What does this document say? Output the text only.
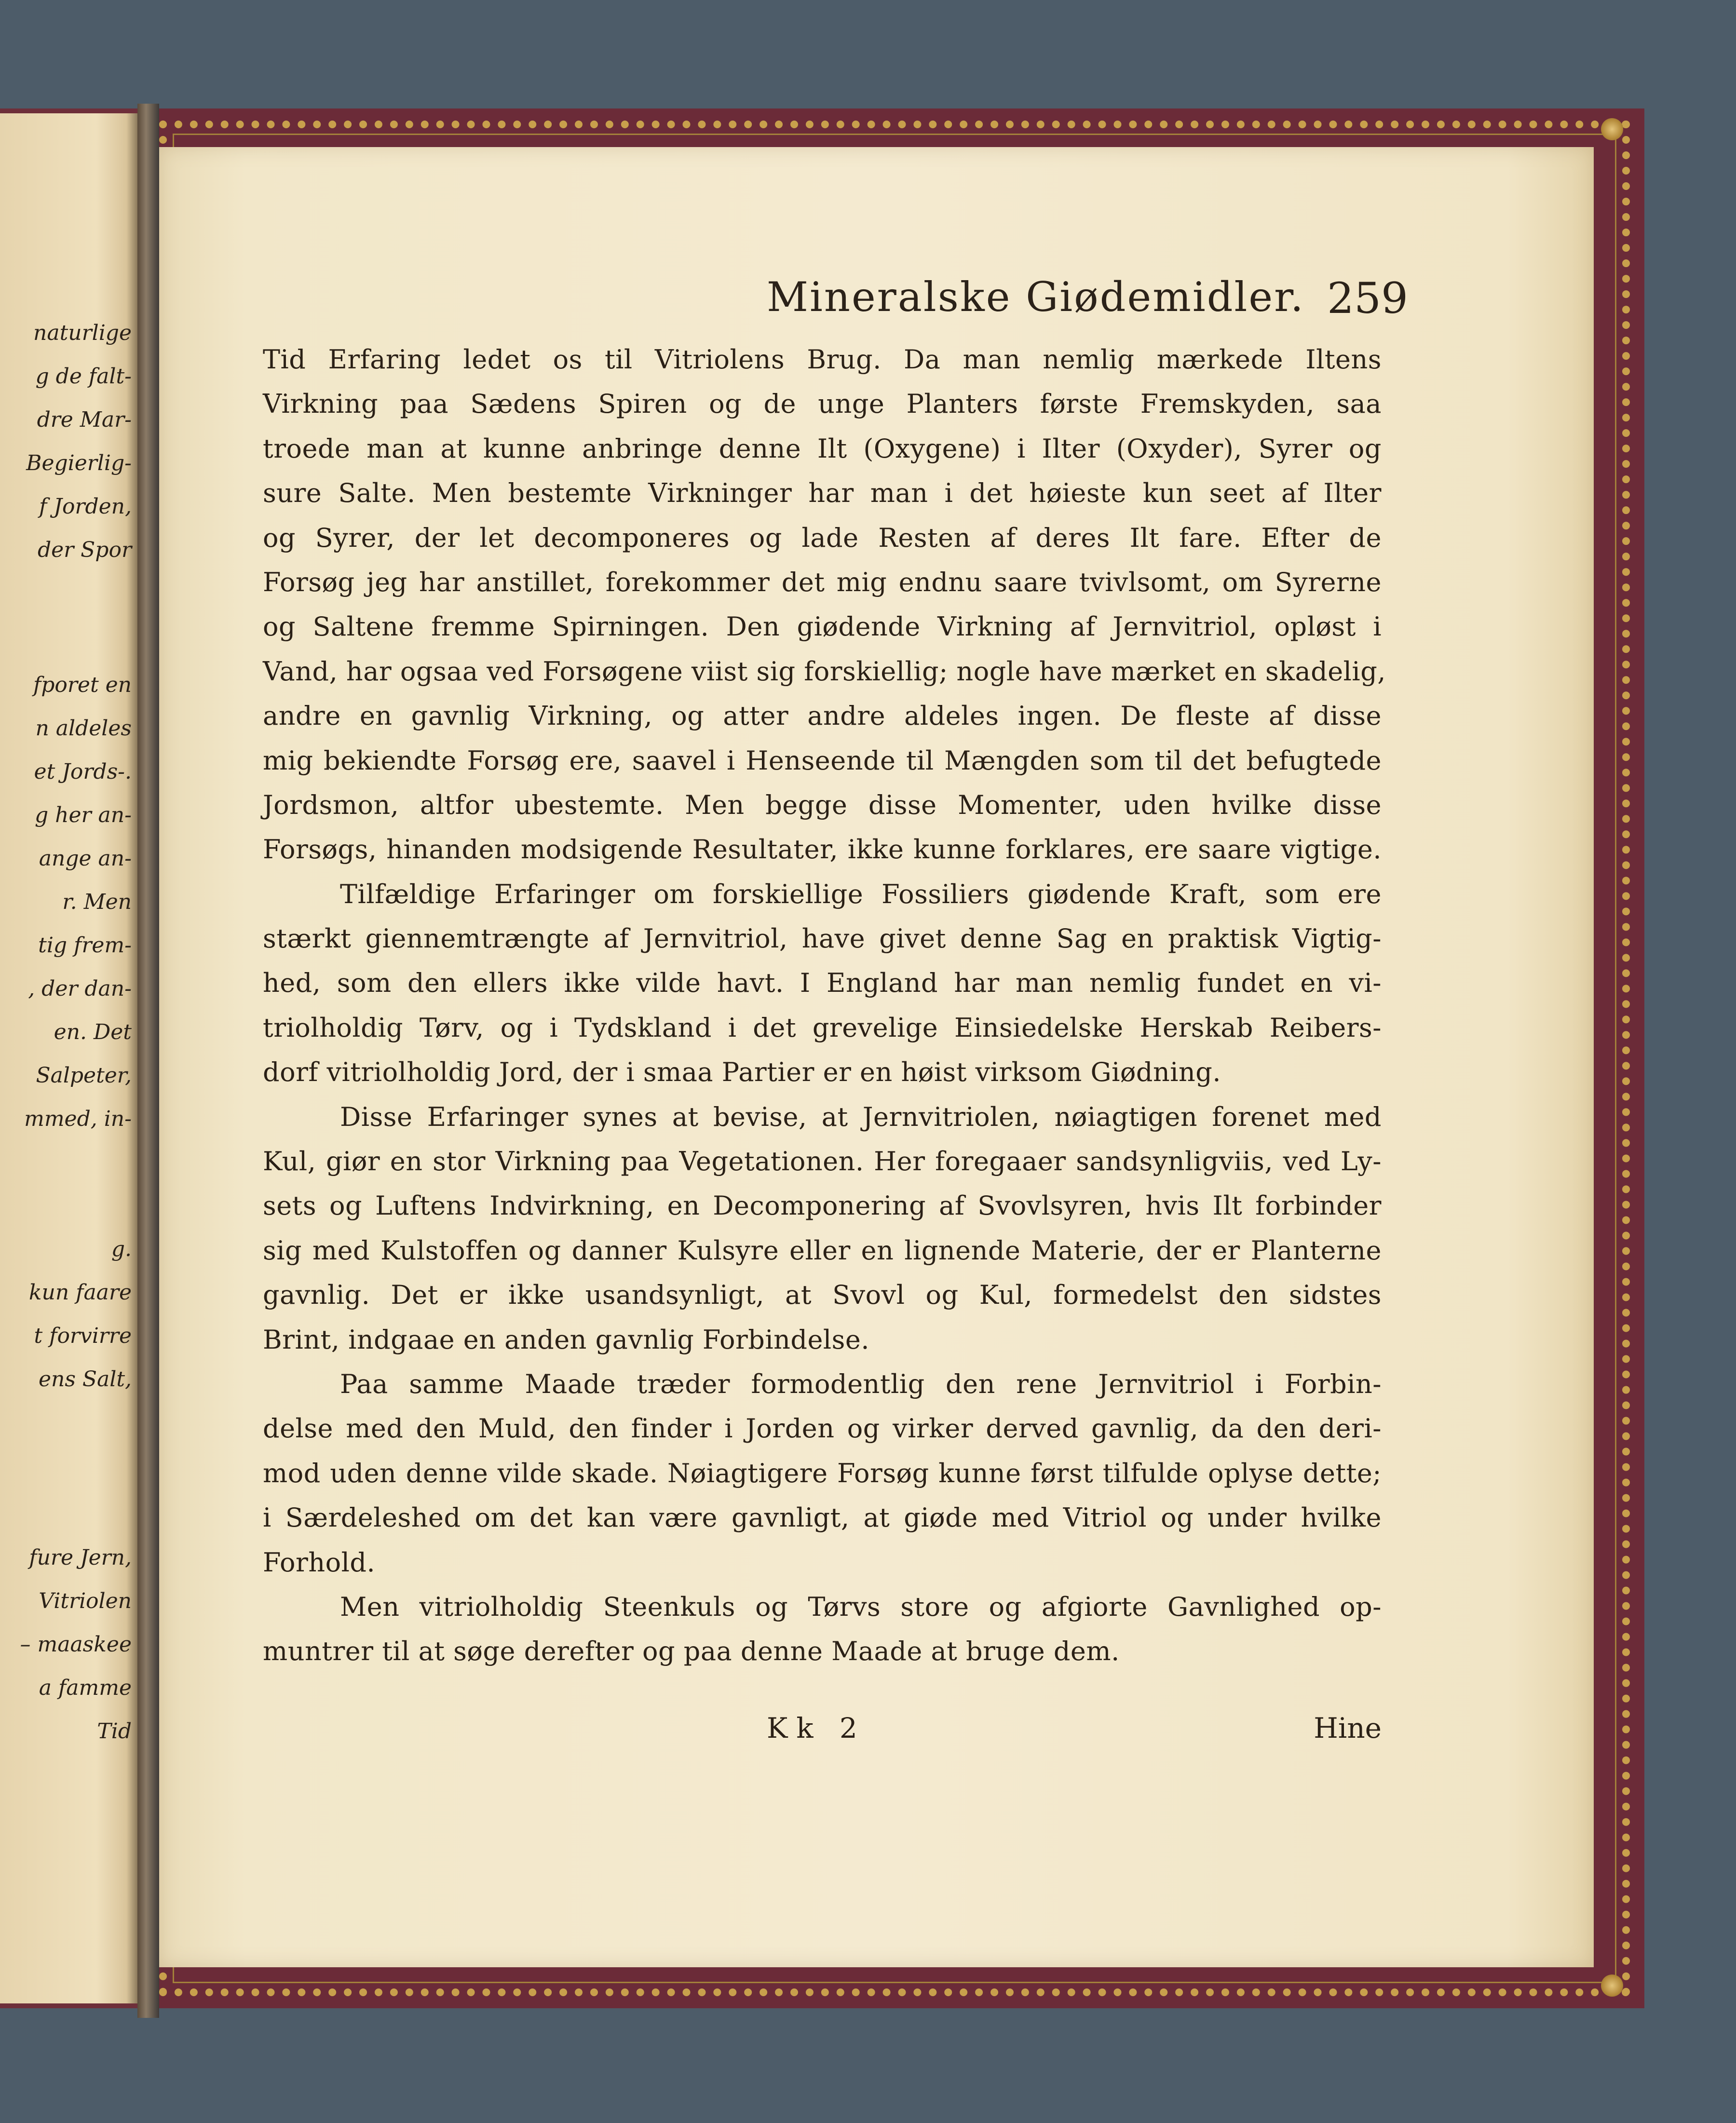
naturlige
g de falt-
dre Mar-
Begierlig-
f Jorden,
der Spor
fporet en
n aldeles
et Jords-.
g her an-
ange an-
r. Men
tig frem-
, der dan-
en. Det
Salpeter,
mmed, in-
g.
kun faare
t forvirre
ens Salt,
fure Jern,
Vitriolen
– maaskee
a famme
Tid
Mineralske Giødemidler. 259
Tid Erfaring ledet os til Vitriolens Brug. Da man nemlig mærkede Iltens
Virkning paa Sædens Spiren og de unge Planters første Fremskyden, saa
troede man at kunne anbringe denne Ilt (Oxygene) i Ilter (Oxyder), Syrer og
sure Salte. Men bestemte Virkninger har man i det høieste kun seet af Ilter
og Syrer, der let decomponeres og lade Resten af deres Ilt fare. Efter de
Forsøg jeg har anstillet, forekommer det mig endnu saare tvivlsomt, om Syrerne
og Saltene fremme Spirningen. Den giødende Virkning af Jernvitriol, opløst i
Vand, har ogsaa ved Forsøgene viist sig forskiellig; nogle have mærket en skadelig,
andre en gavnlig Virkning, og atter andre aldeles ingen. De fleste af disse
mig bekiendte Forsøg ere, saavel i Henseende til Mængden som til det befugtede
Jordsmon, altfor ubestemte. Men begge disse Momenter, uden hvilke disse
Forsøgs, hinanden modsigende Resultater, ikke kunne forklares, ere saare vigtige.
Tilfældige Erfaringer om forskiellige Fossiliers giødende Kraft, som ere
stærkt giennemtrængte af Jernvitriol, have givet denne Sag en praktisk Vigtig-
hed, som den ellers ikke vilde havt. I England har man nemlig fundet en vi-
triolholdig Tørv, og i Tydskland i det grevelige Einsiedelske Herskab Reibers-
dorf vitriolholdig Jord, der i smaa Partier er en høist virksom Giødning.
Disse Erfaringer synes at bevise, at Jernvitriolen, nøiagtigen forenet med
Kul, giør en stor Virkning paa Vegetationen. Her foregaaer sandsynligviis, ved Ly-
sets og Luftens Indvirkning, en Decomponering af Svovlsyren, hvis Ilt forbinder
sig med Kulstoffen og danner Kulsyre eller en lignende Materie, der er Planterne
gavnlig. Det er ikke usandsynligt, at Svovl og Kul, formedelst den sidstes
Brint, indgaae en anden gavnlig Forbindelse.
Paa samme Maade træder formodentlig den rene Jernvitriol i Forbin-
delse med den Muld, den finder i Jorden og virker derved gavnlig, da den deri-
mod uden denne vilde skade. Nøiagtigere Forsøg kunne først tilfulde oplyse dette;
i Særdeleshed om det kan være gavnligt, at giøde med Vitriol og under hvilke
Forhold.
Men vitriolholdig Steenkuls og Tørvs store og afgiorte Gavnlighed op-
muntrer til at søge derefter og paa denne Maade at bruge dem.
Kk 2	Hine
